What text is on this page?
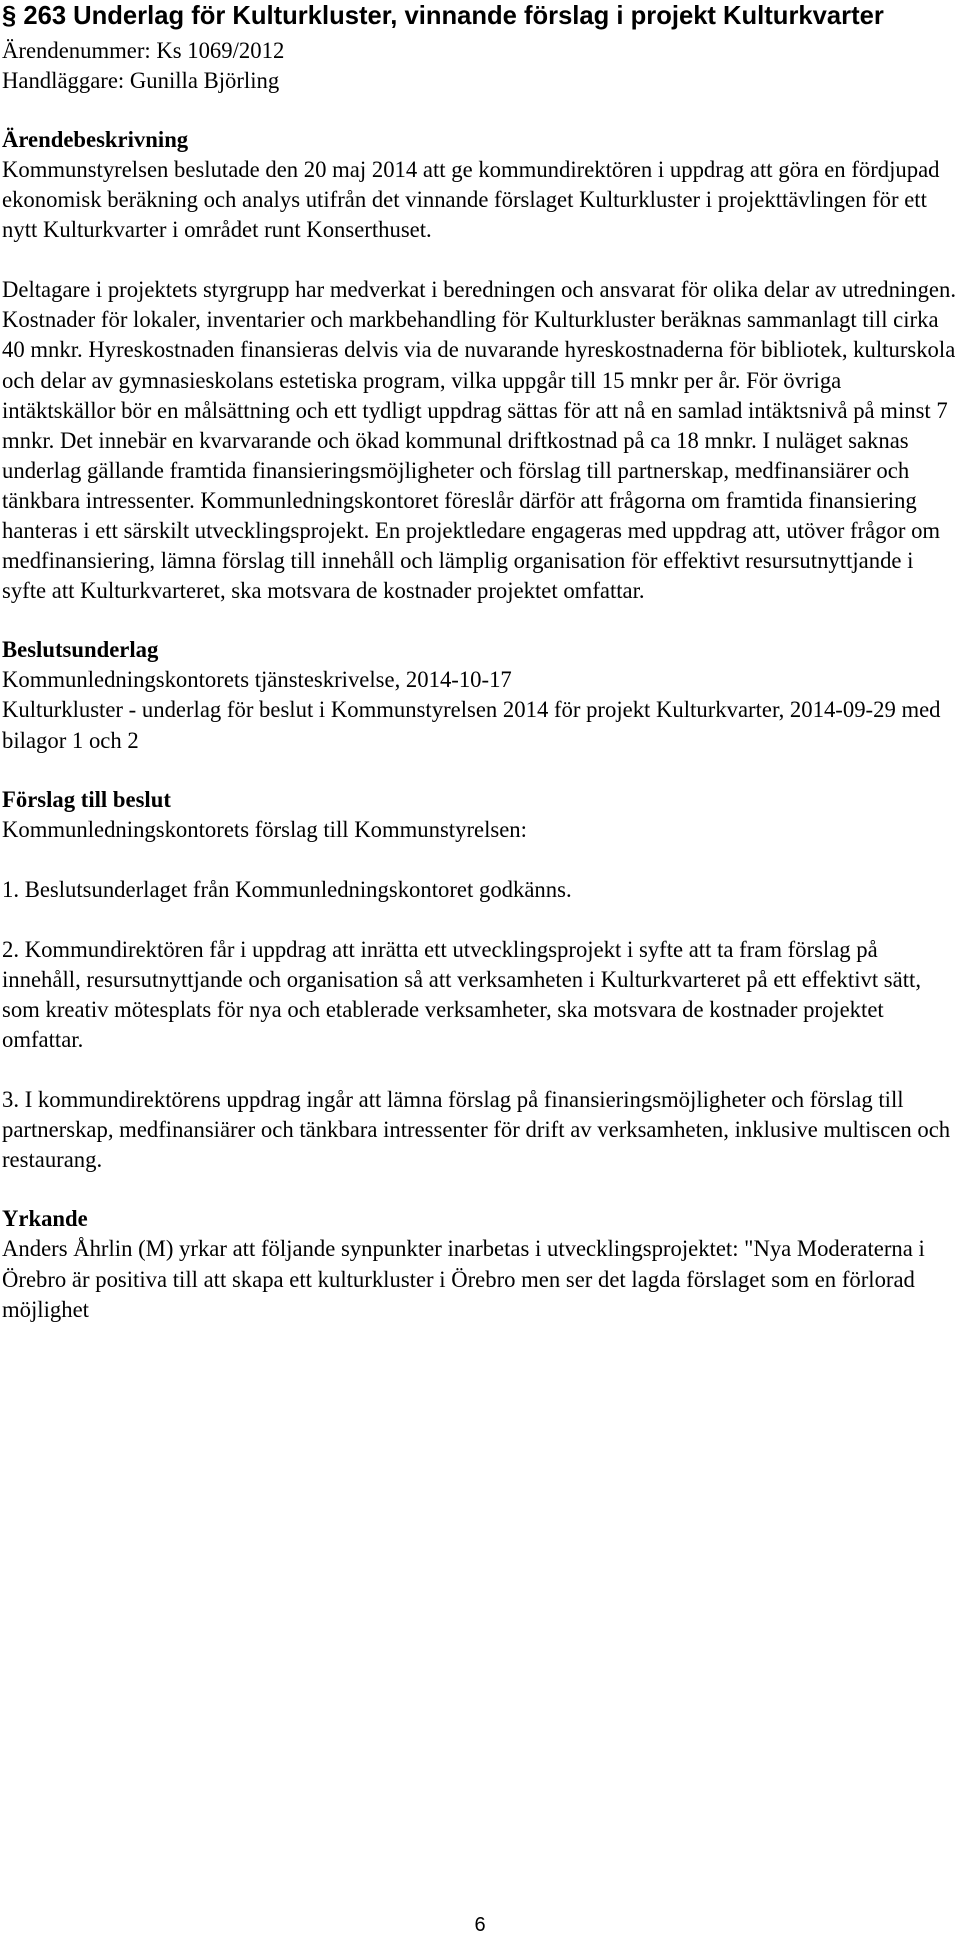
§ 263 Underlag för Kulturkluster, vinnande förslag i projekt Kulturkvarter
Ärendenummer: Ks 1069/2012
Handläggare: Gunilla Björling
Ärendebeskrivning

Kommunstyrelsen beslutade den 20 maj 2014 att ge kommundirektören i uppdrag att göra en fördjupad ekonomisk beräkning och analys utifrån det vinnande förslaget Kulturkluster i projekttävlingen för ett nytt Kulturkvarter i området runt Konserthuset.

Deltagare i projektets styrgrupp har medverkat i beredningen och ansvarat för olika delar av utredningen. Kostnader för lokaler, inventarier och markbehandling för Kulturkluster beräknas sammanlagt till cirka 40 mnkr. Hyreskostnaden finansieras delvis via de nuvarande hyreskostnaderna för bibliotek, kulturskola och delar av gymnasieskolans estetiska program, vilka uppgår till 15 mnkr per år. För övriga intäktskällor bör en målsättning och ett tydligt uppdrag sättas för att nå en samlad intäktsnivå på minst 7 mnkr. Det innebär en kvarvarande och ökad kommunal driftkostnad på ca 18 mnkr. I nuläget saknas underlag gällande framtida finansieringsmöjligheter och förslag till partnerskap, medfinansiärer och tänkbara intressenter. Kommunledningskontoret föreslår därför att frågorna om framtida finansiering hanteras i ett särskilt utvecklingsprojekt. En projektledare engageras med uppdrag att, utöver frågor om medfinansiering, lämna förslag till innehåll och lämplig organisation för effektivt resursutnyttjande i syfte att Kulturkvarteret, ska motsvara de kostnader projektet omfattar.

Beslutsunderlag

Kommunledningskontorets tjänsteskrivelse, 2014-10-17

Kulturkluster - underlag för beslut i Kommunstyrelsen 2014 för projekt Kulturkvarter, 2014-09-29 med bilagor 1 och 2

Förslag till beslut

Kommunledningskontorets förslag till Kommunstyrelsen:

1. Beslutsunderlaget från Kommunledningskontoret godkänns.

2. Kommundirektören får i uppdrag att inrätta ett utvecklingsprojekt i syfte att ta fram förslag på innehåll, resursutnyttjande och organisation så att verksamheten i Kulturkvarteret på ett effektivt sätt, som kreativ mötesplats för nya och etablerade verksamheter, ska motsvara de kostnader projektet omfattar.

3. I kommundirektörens uppdrag ingår att lämna förslag på finansieringsmöjligheter och förslag till partnerskap, medfinansiärer och tänkbara intressenter för drift av verksamheten, inklusive multiscen och restaurang.

Yrkande

Anders Åhrlin (M) yrkar att följande synpunkter inarbetas i utvecklingsprojektet: "Nya Moderaterna i Örebro är positiva till att skapa ett kulturkluster i Örebro men ser det lagda förslaget som en förlorad möjlighet

6
